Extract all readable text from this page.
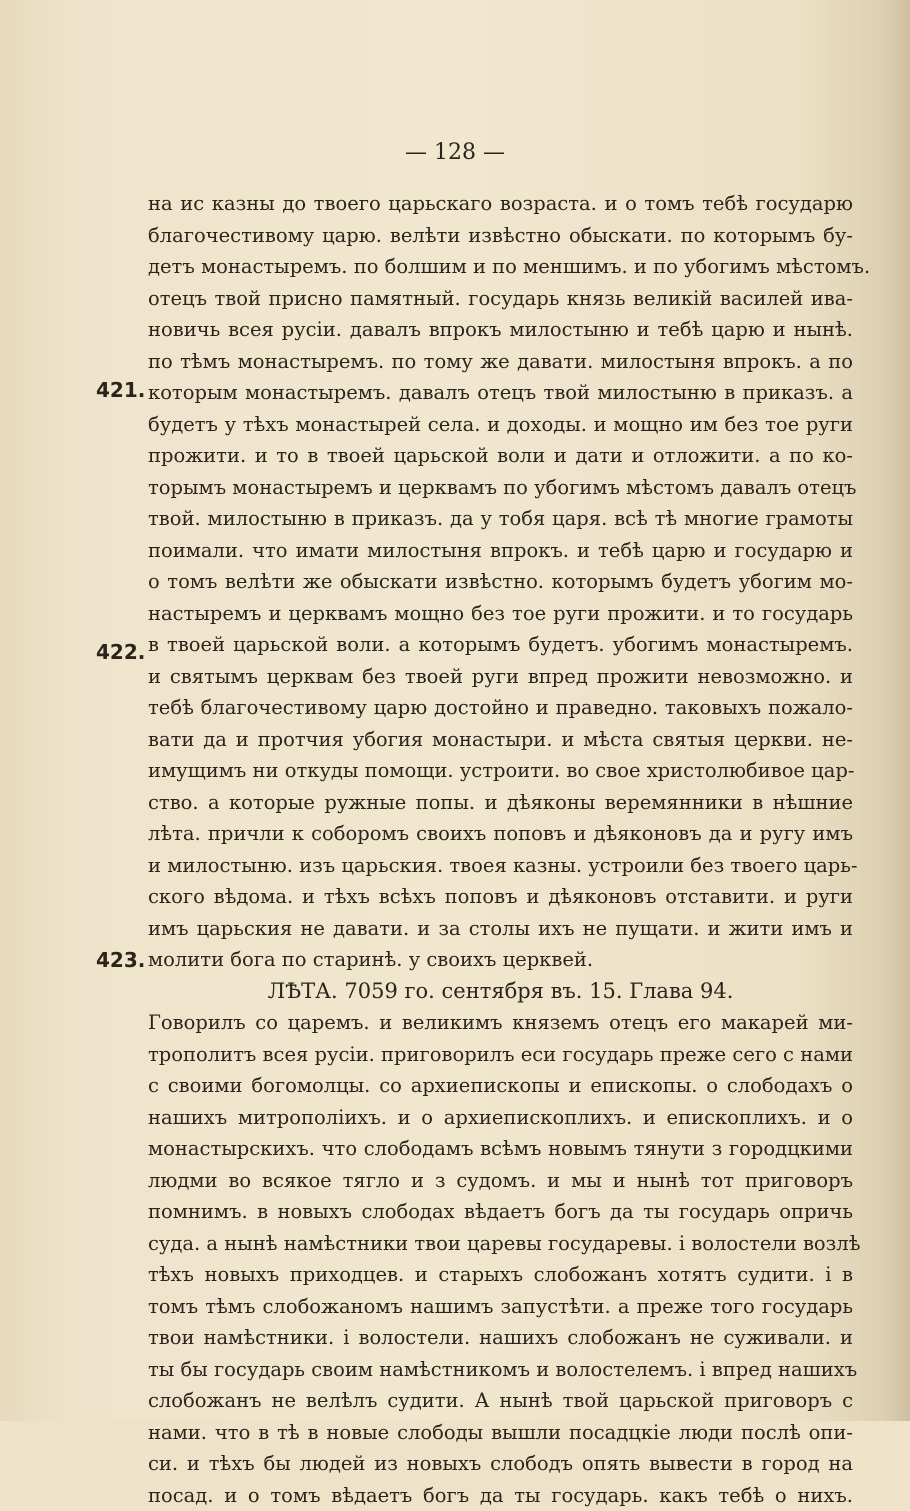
— 128 —
421.
422.
423.
на ис казны до твоего царьскаго возраста. и о томъ тебѣ государю
благочестивому царю. велѣти извѣстно обыскати. по которымъ бу-
детъ монастыремъ. по болшим и по меншимъ. и по убогимъ мѣстомъ.
отецъ твой присно памятный. государь князь великій василей ива-
новичь всея русіи. давалъ впрокъ милостыню и тебѣ царю и нынѣ.
по тѣмъ монастыремъ. по тому же давати. милостыня впрокъ. а по
которым монастыремъ. давалъ отецъ твой милостыню в приказъ. а
будетъ у тѣхъ монастырей села. и доходы. и мощно им без тое руги
прожити. и то в твоей царьской воли и дати и отложити. а по ко-
торымъ монастыремъ и церквамъ по убогимъ мѣстомъ давалъ отецъ
твой. милостыню в приказъ. да у тобя царя. всѣ тѣ многие грамоты
поимали. что имати милостыня впрокъ. и тебѣ царю и государю и
о томъ велѣти же обыскати извѣстно. которымъ будетъ убогим мо-
настыремъ и церквамъ мощно без тое руги прожити. и то государь
в твоей царьской воли. а которымъ будетъ. убогимъ монастыремъ.
и святымъ церквам без твоей руги впред прожити невозможно. и
тебѣ благочестивому царю достойно и праведно. таковыхъ пожало-
вати да и протчия убогия монастыри. и мѣста святыя церкви. не-
имущимъ ни откуды помощи. устроити. во свое христолюбивое цар-
ство. а которые ружные попы. и дѣяконы веремянники в нѣшние
лѣта. причли к соборомъ своихъ поповъ и дѣяконовъ да и ругу имъ
и милостыню. изъ царьския. твоея казны. устроили без твоего царь-
ского вѣдома. и тѣхъ всѣхъ поповъ и дѣяконовъ отставити. и руги
имъ царьския не давати. и за столы ихъ не пущати. и жити имъ и
молити бога по старинѣ. у своихъ церквей.
ЛѢТА. 7059 го. сентября въ. 15. Глава 94.
Говорилъ со царемъ. и великимъ княземъ отецъ его макарей ми-
трополитъ всея русіи. приговорилъ еси государь преже сего с нами
с своими богомолцы. со архиепископы и епископы. о слободахъ о
нашихъ митрополіихъ. и о архиепископлихъ. и епископлихъ. и о
монастырскихъ. что слободамъ всѣмъ новымъ тянути з городцкими
людми во всякое тягло и з судомъ. и мы и нынѣ тот приговоръ
помнимъ. в новыхъ слободах вѣдаетъ богъ да ты государь опричь
суда. а нынѣ намѣстники твои царевы государевы. і волостели возлѣ
тѣхъ новыхъ приходцев. и старыхъ слобожанъ хотятъ судити. і в
томъ тѣмъ слобожаномъ нашимъ запустѣти. а преже того государь
твои намѣстники. і волостели. нашихъ слобожанъ не суживали. и
ты бы государь своим намѣстникомъ и волостелемъ. і впред нашихъ
слобожанъ не велѣлъ судити. А нынѣ твой царьской приговоръ с
нами. что в тѣ в новые слободы вышли посадцкіе люди послѣ опи-
си. и тѣхъ бы людей из новыхъ слободъ опять вывести в город на
посад. и о томъ вѣдаетъ богъ да ты государь. какъ тебѣ о нихъ.
